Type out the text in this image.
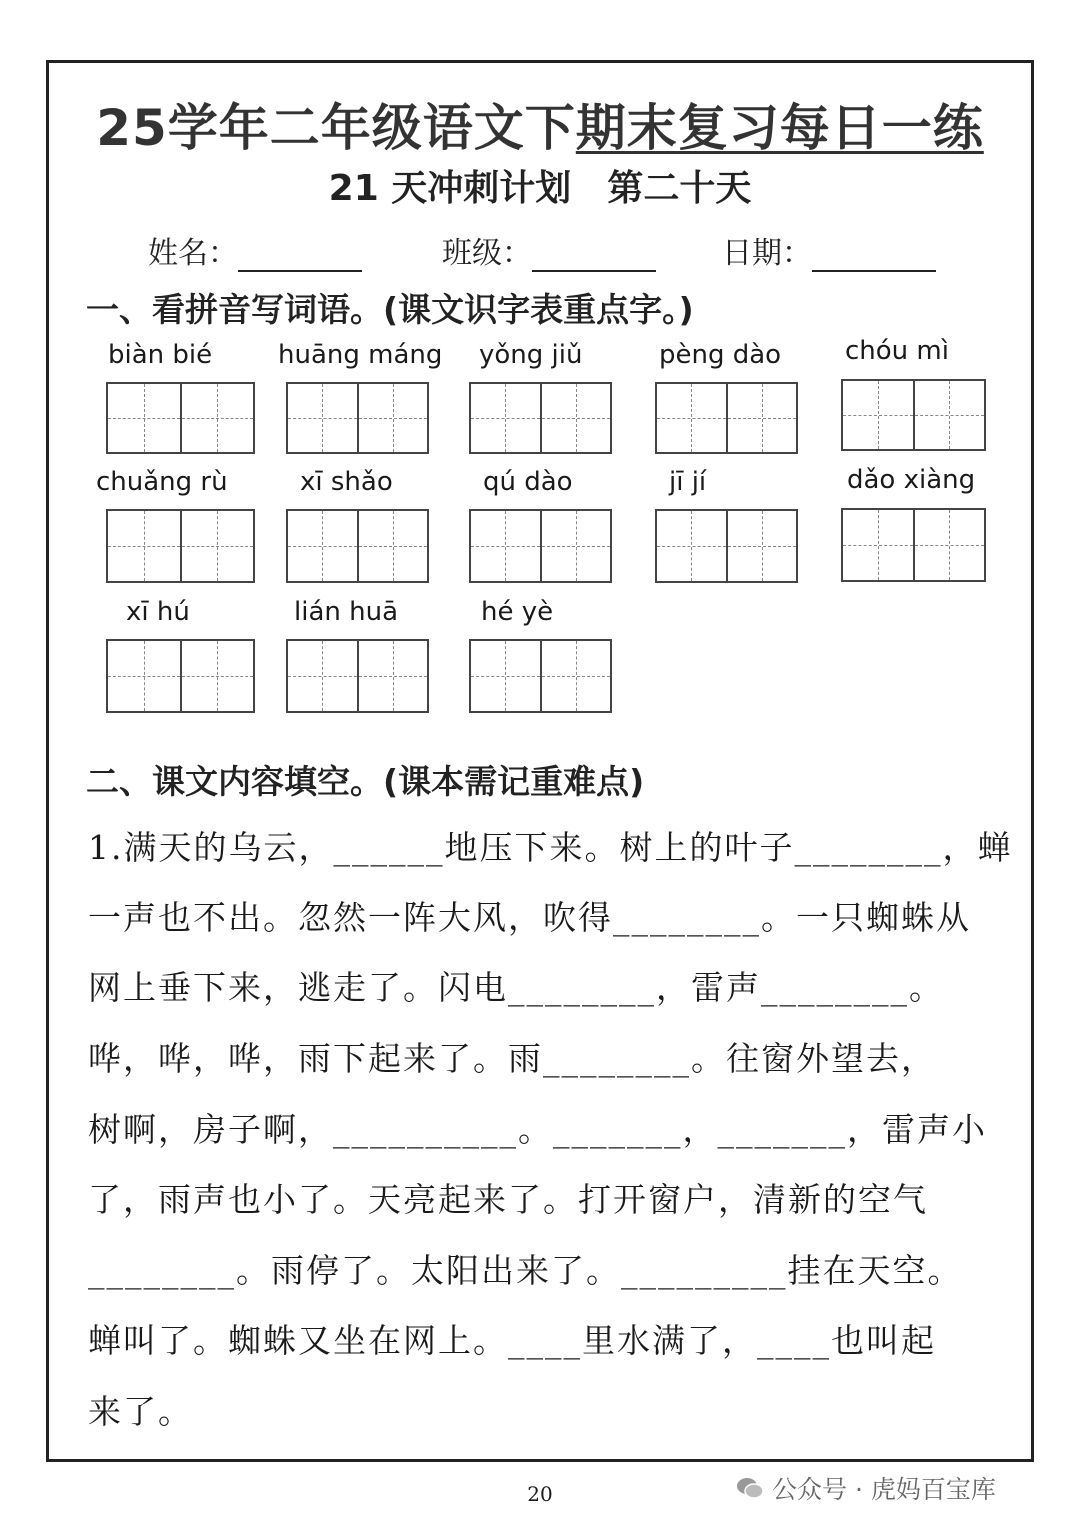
25学年二年级语文下期末复习每日一练
21 天冲刺计划 第二十天
姓名：	班级：	日期：
一、看拼音写词语。(课文识字表重点字。)
biàn bié	huāng máng yǒng jiǔ	pèng dào chóu mì
chuǎng rù	xī shǎo	qú dào	jī jí	dǎo xiàng
xī hú	lián huā	hé yè
二、课文内容填空。(课本需记重难点)
1.满天的乌云，______地压下来。树上的叶子________，蝉
一声也不出。忽然一阵大风，吹得________。一只蜘蛛从
网上垂下来，逃走了。闪电________，雷声________。
哗，哗，哗，雨下起来了。雨________。往窗外望去，
树啊，房子啊，__________。_______，_______，雷声小
了，雨声也小了。天亮起来了。打开窗户，清新的空气
________。雨停了。太阳出来了。_________挂在天空。
蝉叫了。蜘蛛又坐在网上。____里水满了，____也叫起
来了。
20	公众号 · 虎妈百宝库
